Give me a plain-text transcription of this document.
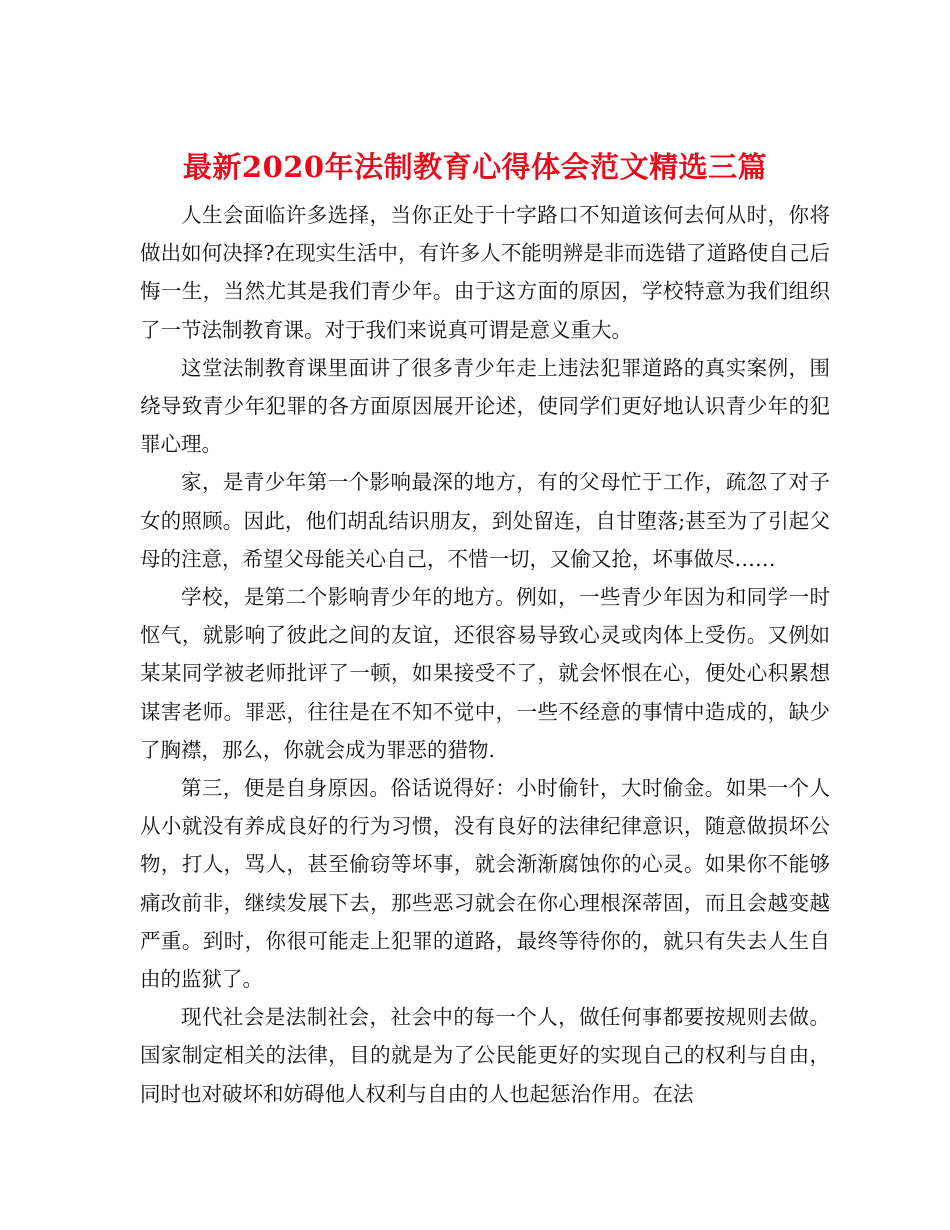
最新2020年法制教育心得体会范文精选三篇

人生会面临许多选择，当你正处于十字路口不知道该何去何从时，你将做出如何决择?在现实生活中，有许多人不能明辨是非而选错了道路使自己后悔一生，当然尤其是我们青少年。由于这方面的原因，学校特意为我们组织了一节法制教育课。对于我们来说真可谓是意义重大。

这堂法制教育课里面讲了很多青少年走上违法犯罪道路的真实案例，围绕导致青少年犯罪的各方面原因展开论述，使同学们更好地认识青少年的犯罪心理。

家，是青少年第一个影响最深的地方，有的父母忙于工作，疏忽了对子女的照顾。因此，他们胡乱结识朋友，到处留连，自甘堕落;甚至为了引起父母的注意，希望父母能关心自己，不惜一切，又偷又抢，坏事做尽……

学校，是第二个影响青少年的地方。例如，一些青少年因为和同学一时怄气，就影响了彼此之间的友谊，还很容易导致心灵或肉体上受伤。又例如某某同学被老师批评了一顿，如果接受不了，就会怀恨在心，便处心积累想谋害老师。罪恶，往往是在不知不觉中，一些不经意的事情中造成的，缺少了胸襟，那么，你就会成为罪恶的猎物.

第三，便是自身原因。俗话说得好：小时偷针，大时偷金。如果一个人从小就没有养成良好的行为习惯，没有良好的法律纪律意识，随意做损坏公物，打人，骂人，甚至偷窃等坏事，就会渐渐腐蚀你的心灵。如果你不能够痛改前非，继续发展下去，那些恶习就会在你心理根深蒂固，而且会越变越严重。到时，你很可能走上犯罪的道路，最终等待你的，就只有失去人生自由的监狱了。

现代社会是法制社会，社会中的每一个人，做任何事都要按规则去做。国家制定相关的法律，目的就是为了公民能更好的实现自己的权利与自由，同时也对破坏和妨碍他人权利与自由的人也起惩治作用。在法
